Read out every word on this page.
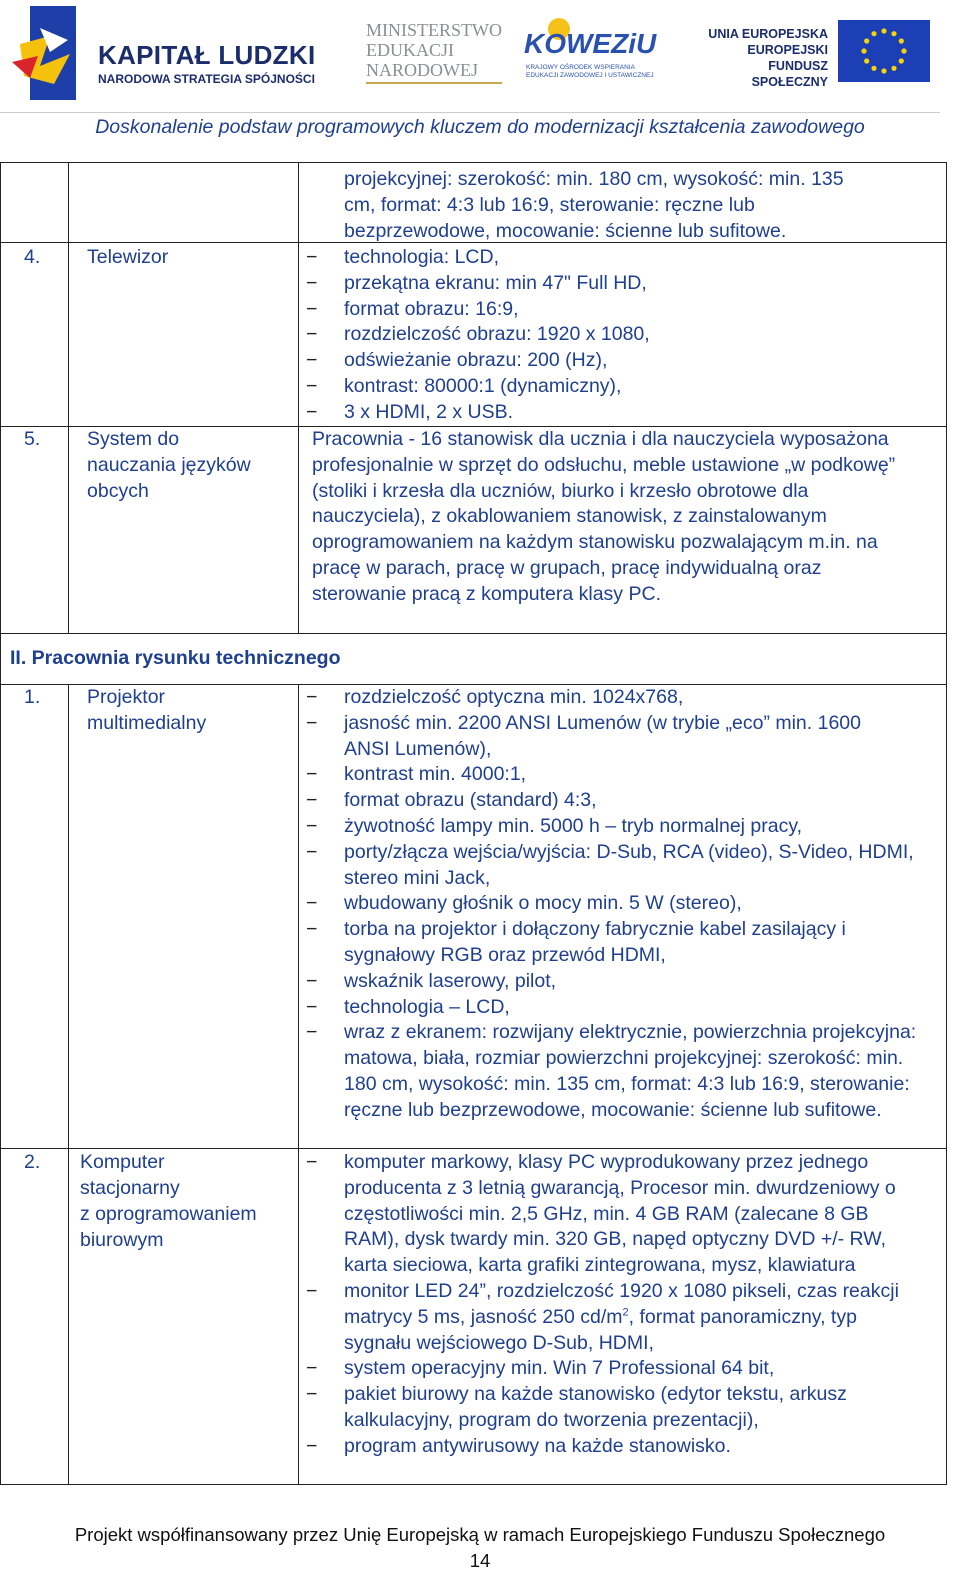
KAPITAŁ LUDZKI
NARODOWA STRATEGIA SPÓJNOŚCI
MINISTERSTWO
EDUKACJI
NARODOWEJ
KOWEZiU
KRAJOWY OŚRODEK WSPIERANIA
EDUKACJI ZAWODOWEJ I USTAWICZNEJ
UNIA EUROPEJSKA
EUROPEJSKI
FUNDUSZ SPOŁECZNY
Doskonalenie podstaw programowych kluczem do modernizacji kształcenia zawodowego
projekcyjnej: szerokość: min. 180 cm, wysokość: min. 135
cm, format: 4:3 lub 16:9, sterowanie: ręczne lub
bezprzewodowe, mocowanie: ścienne lub sufitowe.
4. Telewizor
−	technologia: LCD,
− przekątna ekranu: min 47" Full HD,
− format obrazu: 16:9,
− rozdzielczość obrazu: 1920 x 1080,
− odświeżanie obrazu: 200 (Hz),
− kontrast: 80000:1 (dynamiczny),
− 3 x HDMI, 2 x USB.
5. System do
nauczania języków
obcych
Pracownia - 16 stanowisk dla ucznia i dla nauczyciela wyposażona profesjonalnie w sprzęt do odsłuchu, meble ustawione „w podkowę” (stoliki i krzesła dla uczniów, biurko i krzesło obrotowe dla nauczyciela), z okablowaniem stanowisk, z zainstalowanym oprogramowaniem na każdym stanowisku pozwalającym m.in. na pracę w parach, pracę w grupach, pracę indywidualną oraz sterowanie pracą z komputera klasy PC.
II. Pracownia rysunku technicznego
1. Projektor
multimedialny
− rozdzielczość optyczna min. 1024x768,
− jasność min. 2200 ANSI Lumenów (w trybie „eco” min. 1600 ANSI Lumenów),
− kontrast min. 4000:1,
− format obrazu (standard) 4:3,
− żywotność lampy min. 5000 h – tryb normalnej pracy,
− porty/złącza wejścia/wyjścia: D-Sub, RCA (video), S-Video, HDMI, stereo mini Jack,
− wbudowany głośnik o mocy min. 5 W (stereo),
− torba na projektor i dołączony fabrycznie kabel zasilający i sygnałowy RGB oraz przewód HDMI,
− wskaźnik laserowy, pilot,
− technologia – LCD,
− wraz z ekranem: rozwijany elektrycznie, powierzchnia projekcyjna: matowa, biała, rozmiar powierzchni projekcyjnej: szerokość: min. 180 cm, wysokość: min. 135 cm, format: 4:3 lub 16:9, sterowanie: ręczne lub bezprzewodowe, mocowanie: ścienne lub sufitowe.
2. Komputer
stacjonarny
z oprogramowaniem
biurowym
− komputer markowy, klasy PC wyprodukowany przez jednego producenta z 3 letnią gwarancją, Procesor min. dwurdzeniowy o częstotliwości min. 2,5 GHz, min. 4 GB RAM (zalecane 8 GB RAM), dysk twardy min. 320 GB, napęd optyczny DVD +/- RW, karta sieciowa, karta grafiki zintegrowana, mysz, klawiatura
− monitor LED 24”, rozdzielczość 1920 x 1080 pikseli, czas reakcji matrycy 5 ms, jasność 250 $cd/m^2$, format panoramiczny, typ sygnału wejściowego D-Sub, HDMI,
− system operacyjny min. Win 7 Professional 64 bit,
− pakiet biurowy na każde stanowisko (edytor tekstu, arkusz kalkulacyjny, program do tworzenia prezentacji),
− program antywirusowy na każde stanowisko.
Projekt współfinansowany przez Unię Europejską w ramach Europejskiego Funduszu Społecznego
14
